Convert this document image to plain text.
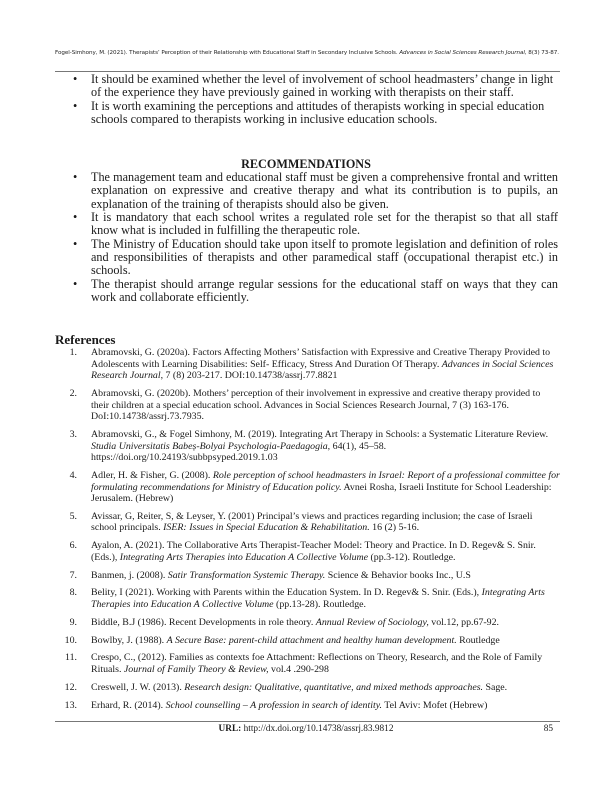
Fogel-Simhony, M. (2021). Therapists’ Perception of their Relationship with Educational Staff in Secondary Inclusive Schools. Advances in Social Sciences Research Journal, 8(3) 73-87.
• It should be examined whether the level of involvement of school headmasters’ change in light of the experience they have previously gained in working with therapists on their staff.
• It is worth examining the perceptions and attitudes of therapists working in special education schools compared to therapists working in inclusive education schools.
RECOMMENDATIONS
• The management team and educational staff must be given a comprehensive frontal and written explanation on expressive and creative therapy and what its contribution is to pupils, an explanation of the training of therapists should also be given.
• It is mandatory that each school writes a regulated role set for the therapist so that all staff know what is included in fulfilling the therapeutic role.
• The Ministry of Education should take upon itself to promote legislation and definition of roles and responsibilities of therapists and other paramedical staff (occupational therapist etc.) in schools.
• The therapist should arrange regular sessions for the educational staff on ways that they can work and collaborate efficiently.
References
1. Abramovski, G. (2020a). Factors Affecting Mothers’ Satisfaction with Expressive and Creative Therapy Provided to Adolescents with Learning Disabilities: Self- Efficacy, Stress And Duration Of Therapy. Advances in Social Sciences Research Journal, 7 (8) 203-217. DOI:10.14738/assrj.77.8821
2. Abramovski, G. (2020b). Mothers’ perception of their involvement in expressive and creative therapy provided to their children at a special education school. Advances in Social Sciences Research Journal, 7 (3) 163-176. DoI:10.14738/assrj.73.7935.
3. Abramovski, G., & Fogel Simhony, M. (2019). Integrating Art Therapy in Schools: a Systematic Literature Review. Studia Universitatis Babeș-Bolyai Psychologia-Paedagogia, 64(1), 45–58. https://doi.org/10.24193/subbpsyped.2019.1.03
4. Adler, H. & Fisher, G. (2008). Role perception of school headmasters in Israel: Report of a professional committee for formulating recommendations for Ministry of Education policy. Avnei Rosha, Israeli Institute for School Leadership: Jerusalem. (Hebrew)
5. Avissar, G, Reiter, S, & Leyser, Y. (2001) Principal’s views and practices regarding inclusion; the case of Israeli school principals. ISER: Issues in Special Education & Rehabilitation. 16 (2) 5-16.
6. Ayalon, A. (2021). The Collaborative Arts Therapist-Teacher Model: Theory and Practice. In D. Regev& S. Snir. (Eds.), Integrating Arts Therapies into Education A Collective Volume (pp.3-12). Routledge.
7. Banmen, j. (2008). Satir Transformation Systemic Therapy. Science & Behavior books Inc., U.S
8. Belity, I (2021). Working with Parents within the Education System. In D. Regev& S. Snir. (Eds.), Integrating Arts Therapies into Education A Collective Volume (pp.13-28). Routledge.
9. Biddle, B.J (1986). Recent Developments in role theory. Annual Review of Sociology, vol.12, pp.67-92.
10. Bowlby, J. (1988). A Secure Base: parent-child attachment and healthy human development. Routledge
11. Crespo, C., (2012). Families as contexts foe Attachment: Reflections on Theory, Research, and the Role of Family Rituals. Journal of Family Theory & Review, vol.4 .290-298
12. Creswell, J. W. (2013). Research design: Qualitative, quantitative, and mixed methods approaches. Sage.
13. Erhard, R. (2014). School counselling – A profession in search of identity. Tel Aviv: Mofet (Hebrew)
URL: http://dx.doi.org/10.14738/assrj.83.9812	85
